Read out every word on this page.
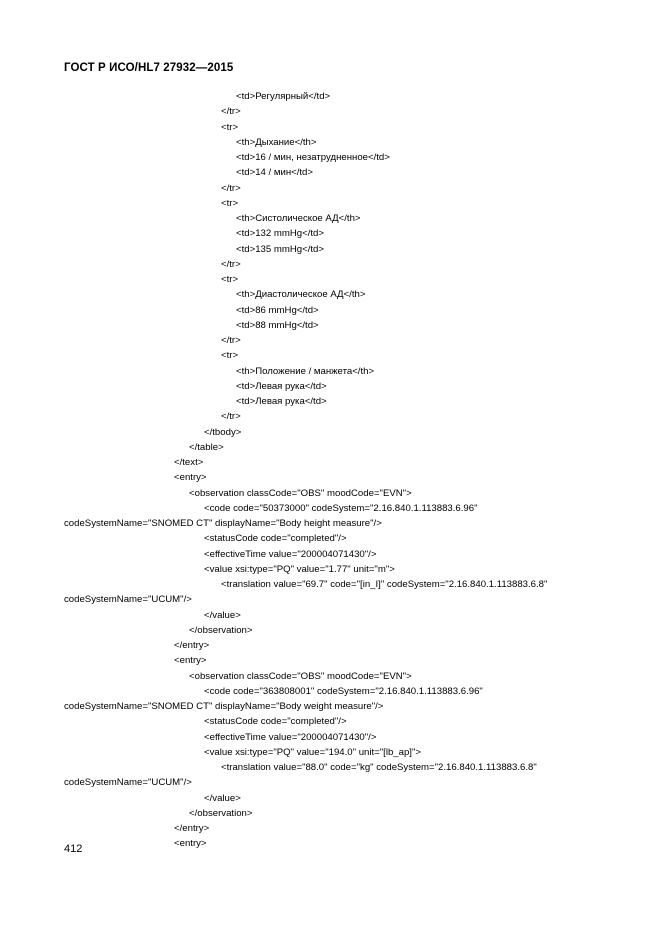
ГОСТ Р ИСО/HL7 27932—2015
<td>Регулярный</td>
</tr>
<tr>
<th>Дыхание</th>
<td>16 / мин, незатрудненное</td>
<td>14 / мин</td>
</tr>
<tr>
<th>Систолическое АД</th>
<td>132 mmHg</td>
<td>135 mmHg</td>
</tr>
<tr>
<th>Диастолическое АД</th>
<td>86 mmHg</td>
<td>88 mmHg</td>
</tr>
<tr>
<th>Положение / манжета</th>
<td>Левая рука</td>
<td>Левая рука</td>
</tr>
</tbody>
</table>
</text>
<entry>
<observation classCode="OBS" moodCode="EVN">
<code code="50373000" codeSystem="2.16.840.1.113883.6.96"
codeSystemName="SNOMED CT" displayName="Body height measure"/>
<statusCode code="completed"/>
<effectiveTime value="200004071430"/>
<value xsi:type="PQ" value="1.77" unit="m">
<translation value="69.7" code="[in_I]" codeSystem="2.16.840.1.113883.6.8"
codeSystemName="UCUM"/>
</value>
</observation>
</entry>
<entry>
<observation classCode="OBS" moodCode="EVN">
<code code="363808001" codeSystem="2.16.840.1.113883.6.96"
codeSystemName="SNOMED CT" displayName="Body weight measure"/>
<statusCode code="completed"/>
<effectiveTime value="200004071430"/>
<value xsi:type="PQ" value="194.0" unit="[lb_ap]">
<translation value="88.0" code="kg" codeSystem="2.16.840.1.113883.6.8"
codeSystemName="UCUM"/>
</value>
</observation>
</entry>
<entry>
412
